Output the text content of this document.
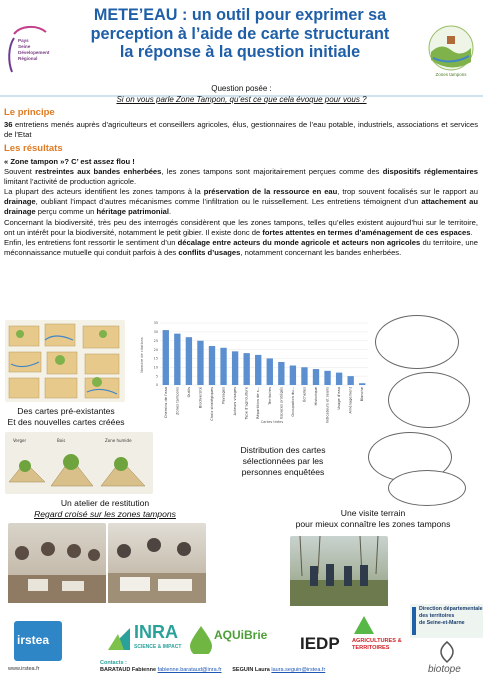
Pays
Seine
Dévelopement
Régional
METE’EAU : un outil pour exprimer sa
perception à l’aide de carte structurant
la réponse à la question initiale
Zones tampons
Question posée :
Si on vous parle Zone Tampon, qu’est ce que cela évoque pour vous ?
Le principe
36 entretiens menés auprès d’agriculteurs et conseillers agricoles, élus, gestionnaires de l’eau potable, industriels, associations et services de l’Etat
Les résultats

« Zone tampon »? C’ est assez flou !

Souvent restreintes aux bandes enherbées, les zones tampons sont majoritairement perçues comme des dispositifs réglementaires limitant l’activité de production agricole.

La plupart des acteurs identifient les zones tampons à la préservation de la ressource en eau, trop souvent focalisés sur le rapport au drainage, oubliant l’impact d’autres mécanismes comme l’infiltration ou le ruissellement. Les entretiens témoignent d’un attachement au drainage perçu comme un héritage patrimonial.

Concernant la biodiversité, très peu des interrogés considèrent que les zones tampons, telles qu’elles existent aujourd’hui sur le territoire, ont un intérêt pour la biodiversité, notamment le petit gibier. Il existe donc de fortes attentes en termes d’aménagement de ces espaces.

Enfin, les entretiens font ressortir le sentiment d’un décalage entre acteurs du monde agricole et acteurs non agricoles du territoire, une méconnaissance mutuelle qui conduit parfois à des conflits d’usages, notamment concernant les bandes enherbées.

Des cartes pré-existantes
Et des nouvelles cartes créées
Verger	Bois	Zone humide
0
5
10
15
20
25
30
35
Chemins de l’eau Zones tampons Outils Biodiversité Choix stratégiques Paysages Acteurs visages Type d’agriculture Répartition de s... Territoires Espaces protégés Occupation du... Échelles Historique Indicateurs et seuils Usage d’eau Aménagement Blanche
Nombre de citations
Cartes tirées
Distribution des cartes
sélectionnées par les
personnes enquêtées
Un atelier de restitution
Regard croisé sur les zones tampons	Une visite terrain
pour mieux connaître les zones tampons
irstea
www.irstea.fr
INRA
SCIENCE & IMPACT
AQUiBrie IEDP AGRICULTURES & TERRITOIRES
Direction départementale
des territoires
de Seine-et-Marne
biotope
Contacts :
BARATAUD Fabienne fabienne.barataud@inra.fr SEGUIN Laura laura.seguin@irstea.fr
